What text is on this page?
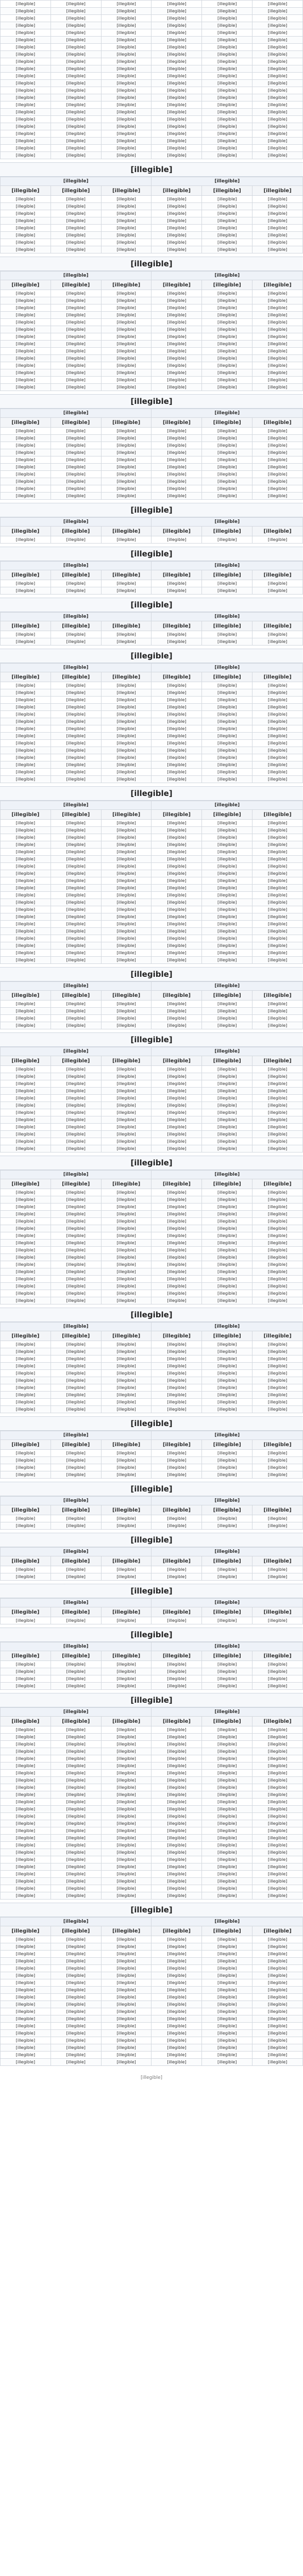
[illegible]	[illegible]	[illegible]	[illegible]	[illegible]	[illegible]
[illegible]	[illegible]	[illegible]	[illegible]	[illegible]	[illegible]
[illegible]	[illegible]	[illegible]	[illegible]	[illegible]	[illegible]
[illegible]	[illegible]	[illegible]	[illegible]	[illegible]	[illegible]
[illegible]	[illegible]	[illegible]	[illegible]	[illegible]	[illegible]
[illegible]	[illegible]	[illegible]	[illegible]	[illegible]	[illegible]
[illegible]	[illegible]	[illegible]	[illegible]	[illegible]	[illegible]
[illegible]	[illegible]	[illegible]	[illegible]	[illegible]	[illegible]
[illegible]	[illegible]	[illegible]	[illegible]	[illegible]	[illegible]
[illegible]	[illegible]	[illegible]	[illegible]	[illegible]	[illegible]
[illegible]	[illegible]	[illegible]	[illegible]	[illegible]	[illegible]
[illegible]	[illegible]	[illegible]	[illegible]	[illegible]	[illegible]
[illegible]	[illegible]	[illegible]	[illegible]	[illegible]	[illegible]
[illegible]	[illegible]	[illegible]	[illegible]	[illegible]	[illegible]
[illegible]	[illegible]	[illegible]	[illegible]	[illegible]	[illegible]
[illegible]	[illegible]	[illegible]	[illegible]	[illegible]	[illegible]
[illegible]	[illegible]	[illegible]	[illegible]	[illegible]	[illegible]
[illegible]	[illegible]	[illegible]	[illegible]	[illegible]	[illegible]
[illegible]	[illegible]	[illegible]	[illegible]	[illegible]	[illegible]
[illegible]	[illegible]	[illegible]	[illegible]	[illegible]	[illegible]
[illegible]	[illegible]	[illegible]	[illegible]	[illegible]	[illegible]
[illegible]	[illegible]	[illegible]	[illegible]	[illegible]	[illegible]
[illegible]
[illegible]			[illegible]		
[illegible]	[illegible]	[illegible]	[illegible]	[illegible]	[illegible]
[illegible]	[illegible]	[illegible]	[illegible]	[illegible]	[illegible]
[illegible]	[illegible]	[illegible]	[illegible]	[illegible]	[illegible]
[illegible]	[illegible]	[illegible]	[illegible]	[illegible]	[illegible]
[illegible]	[illegible]	[illegible]	[illegible]	[illegible]	[illegible]
[illegible]	[illegible]	[illegible]	[illegible]	[illegible]	[illegible]
[illegible]	[illegible]	[illegible]	[illegible]	[illegible]	[illegible]
[illegible]	[illegible]	[illegible]	[illegible]	[illegible]	[illegible]
[illegible]	[illegible]	[illegible]	[illegible]	[illegible]	[illegible]
[illegible]
[illegible]			[illegible]		
[illegible]	[illegible]	[illegible]	[illegible]	[illegible]	[illegible]
[illegible]	[illegible]	[illegible]	[illegible]	[illegible]	[illegible]
[illegible]	[illegible]	[illegible]	[illegible]	[illegible]	[illegible]
[illegible]	[illegible]	[illegible]	[illegible]	[illegible]	[illegible]
[illegible]	[illegible]	[illegible]	[illegible]	[illegible]	[illegible]
[illegible]	[illegible]	[illegible]	[illegible]	[illegible]	[illegible]
[illegible]	[illegible]	[illegible]	[illegible]	[illegible]	[illegible]
[illegible]	[illegible]	[illegible]	[illegible]	[illegible]	[illegible]
[illegible]	[illegible]	[illegible]	[illegible]	[illegible]	[illegible]
[illegible]	[illegible]	[illegible]	[illegible]	[illegible]	[illegible]
[illegible]	[illegible]	[illegible]	[illegible]	[illegible]	[illegible]
[illegible]	[illegible]	[illegible]	[illegible]	[illegible]	[illegible]
[illegible]	[illegible]	[illegible]	[illegible]	[illegible]	[illegible]
[illegible]	[illegible]	[illegible]	[illegible]	[illegible]	[illegible]
[illegible]	[illegible]	[illegible]	[illegible]	[illegible]	[illegible]
[illegible]
[illegible]			[illegible]		
[illegible]	[illegible]	[illegible]	[illegible]	[illegible]	[illegible]
[illegible]	[illegible]	[illegible]	[illegible]	[illegible]	[illegible]
[illegible]	[illegible]	[illegible]	[illegible]	[illegible]	[illegible]
[illegible]	[illegible]	[illegible]	[illegible]	[illegible]	[illegible]
[illegible]	[illegible]	[illegible]	[illegible]	[illegible]	[illegible]
[illegible]	[illegible]	[illegible]	[illegible]	[illegible]	[illegible]
[illegible]	[illegible]	[illegible]	[illegible]	[illegible]	[illegible]
[illegible]	[illegible]	[illegible]	[illegible]	[illegible]	[illegible]
[illegible]	[illegible]	[illegible]	[illegible]	[illegible]	[illegible]
[illegible]	[illegible]	[illegible]	[illegible]	[illegible]	[illegible]
[illegible]	[illegible]	[illegible]	[illegible]	[illegible]	[illegible]
[illegible]
[illegible]			[illegible]		
[illegible]	[illegible]	[illegible]	[illegible]	[illegible]	[illegible]
[illegible]	[illegible]	[illegible]	[illegible]	[illegible]	[illegible]
[illegible]
[illegible]			[illegible]		
[illegible]	[illegible]	[illegible]	[illegible]	[illegible]	[illegible]
[illegible]	[illegible]	[illegible]	[illegible]	[illegible]	[illegible]
[illegible]	[illegible]	[illegible]	[illegible]	[illegible]	[illegible]
[illegible]
[illegible]			[illegible]		
[illegible]	[illegible]	[illegible]	[illegible]	[illegible]	[illegible]
[illegible]	[illegible]	[illegible]	[illegible]	[illegible]	[illegible]
[illegible]	[illegible]	[illegible]	[illegible]	[illegible]	[illegible]
[illegible]
[illegible]			[illegible]		
[illegible]	[illegible]	[illegible]	[illegible]	[illegible]	[illegible]
[illegible]	[illegible]	[illegible]	[illegible]	[illegible]	[illegible]
[illegible]	[illegible]	[illegible]	[illegible]	[illegible]	[illegible]
[illegible]	[illegible]	[illegible]	[illegible]	[illegible]	[illegible]
[illegible]	[illegible]	[illegible]	[illegible]	[illegible]	[illegible]
[illegible]	[illegible]	[illegible]	[illegible]	[illegible]	[illegible]
[illegible]	[illegible]	[illegible]	[illegible]	[illegible]	[illegible]
[illegible]	[illegible]	[illegible]	[illegible]	[illegible]	[illegible]
[illegible]	[illegible]	[illegible]	[illegible]	[illegible]	[illegible]
[illegible]	[illegible]	[illegible]	[illegible]	[illegible]	[illegible]
[illegible]	[illegible]	[illegible]	[illegible]	[illegible]	[illegible]
[illegible]	[illegible]	[illegible]	[illegible]	[illegible]	[illegible]
[illegible]	[illegible]	[illegible]	[illegible]	[illegible]	[illegible]
[illegible]	[illegible]	[illegible]	[illegible]	[illegible]	[illegible]
[illegible]	[illegible]	[illegible]	[illegible]	[illegible]	[illegible]
[illegible]
[illegible]			[illegible]		
[illegible]	[illegible]	[illegible]	[illegible]	[illegible]	[illegible]
[illegible]	[illegible]	[illegible]	[illegible]	[illegible]	[illegible]
[illegible]	[illegible]	[illegible]	[illegible]	[illegible]	[illegible]
[illegible]	[illegible]	[illegible]	[illegible]	[illegible]	[illegible]
[illegible]	[illegible]	[illegible]	[illegible]	[illegible]	[illegible]
[illegible]	[illegible]	[illegible]	[illegible]	[illegible]	[illegible]
[illegible]	[illegible]	[illegible]	[illegible]	[illegible]	[illegible]
[illegible]	[illegible]	[illegible]	[illegible]	[illegible]	[illegible]
[illegible]	[illegible]	[illegible]	[illegible]	[illegible]	[illegible]
[illegible]	[illegible]	[illegible]	[illegible]	[illegible]	[illegible]
[illegible]	[illegible]	[illegible]	[illegible]	[illegible]	[illegible]
[illegible]	[illegible]	[illegible]	[illegible]	[illegible]	[illegible]
[illegible]	[illegible]	[illegible]	[illegible]	[illegible]	[illegible]
[illegible]	[illegible]	[illegible]	[illegible]	[illegible]	[illegible]
[illegible]	[illegible]	[illegible]	[illegible]	[illegible]	[illegible]
[illegible]	[illegible]	[illegible]	[illegible]	[illegible]	[illegible]
[illegible]	[illegible]	[illegible]	[illegible]	[illegible]	[illegible]
[illegible]	[illegible]	[illegible]	[illegible]	[illegible]	[illegible]
[illegible]	[illegible]	[illegible]	[illegible]	[illegible]	[illegible]
[illegible]	[illegible]	[illegible]	[illegible]	[illegible]	[illegible]
[illegible]	[illegible]	[illegible]	[illegible]	[illegible]	[illegible]
[illegible]
[illegible]			[illegible]		
[illegible]	[illegible]	[illegible]	[illegible]	[illegible]	[illegible]
[illegible]	[illegible]	[illegible]	[illegible]	[illegible]	[illegible]
[illegible]	[illegible]	[illegible]	[illegible]	[illegible]	[illegible]
[illegible]	[illegible]	[illegible]	[illegible]	[illegible]	[illegible]
[illegible]	[illegible]	[illegible]	[illegible]	[illegible]	[illegible]
[illegible]
[illegible]			[illegible]		
[illegible]	[illegible]	[illegible]	[illegible]	[illegible]	[illegible]
[illegible]	[illegible]	[illegible]	[illegible]	[illegible]	[illegible]
[illegible]	[illegible]	[illegible]	[illegible]	[illegible]	[illegible]
[illegible]	[illegible]	[illegible]	[illegible]	[illegible]	[illegible]
[illegible]	[illegible]	[illegible]	[illegible]	[illegible]	[illegible]
[illegible]	[illegible]	[illegible]	[illegible]	[illegible]	[illegible]
[illegible]	[illegible]	[illegible]	[illegible]	[illegible]	[illegible]
[illegible]	[illegible]	[illegible]	[illegible]	[illegible]	[illegible]
[illegible]	[illegible]	[illegible]	[illegible]	[illegible]	[illegible]
[illegible]	[illegible]	[illegible]	[illegible]	[illegible]	[illegible]
[illegible]	[illegible]	[illegible]	[illegible]	[illegible]	[illegible]
[illegible]	[illegible]	[illegible]	[illegible]	[illegible]	[illegible]
[illegible]	[illegible]	[illegible]	[illegible]	[illegible]	[illegible]
[illegible]
[illegible]			[illegible]		
[illegible]	[illegible]	[illegible]	[illegible]	[illegible]	[illegible]
[illegible]	[illegible]	[illegible]	[illegible]	[illegible]	[illegible]
[illegible]	[illegible]	[illegible]	[illegible]	[illegible]	[illegible]
[illegible]	[illegible]	[illegible]	[illegible]	[illegible]	[illegible]
[illegible]	[illegible]	[illegible]	[illegible]	[illegible]	[illegible]
[illegible]	[illegible]	[illegible]	[illegible]	[illegible]	[illegible]
[illegible]	[illegible]	[illegible]	[illegible]	[illegible]	[illegible]
[illegible]	[illegible]	[illegible]	[illegible]	[illegible]	[illegible]
[illegible]	[illegible]	[illegible]	[illegible]	[illegible]	[illegible]
[illegible]	[illegible]	[illegible]	[illegible]	[illegible]	[illegible]
[illegible]	[illegible]	[illegible]	[illegible]	[illegible]	[illegible]
[illegible]	[illegible]	[illegible]	[illegible]	[illegible]	[illegible]
[illegible]	[illegible]	[illegible]	[illegible]	[illegible]	[illegible]
[illegible]	[illegible]	[illegible]	[illegible]	[illegible]	[illegible]
[illegible]	[illegible]	[illegible]	[illegible]	[illegible]	[illegible]
[illegible]	[illegible]	[illegible]	[illegible]	[illegible]	[illegible]
[illegible]	[illegible]	[illegible]	[illegible]	[illegible]	[illegible]
[illegible]
[illegible]			[illegible]		
[illegible]	[illegible]	[illegible]	[illegible]	[illegible]	[illegible]
[illegible]	[illegible]	[illegible]	[illegible]	[illegible]	[illegible]
[illegible]	[illegible]	[illegible]	[illegible]	[illegible]	[illegible]
[illegible]	[illegible]	[illegible]	[illegible]	[illegible]	[illegible]
[illegible]	[illegible]	[illegible]	[illegible]	[illegible]	[illegible]
[illegible]	[illegible]	[illegible]	[illegible]	[illegible]	[illegible]
[illegible]	[illegible]	[illegible]	[illegible]	[illegible]	[illegible]
[illegible]	[illegible]	[illegible]	[illegible]	[illegible]	[illegible]
[illegible]	[illegible]	[illegible]	[illegible]	[illegible]	[illegible]
[illegible]	[illegible]	[illegible]	[illegible]	[illegible]	[illegible]
[illegible]	[illegible]	[illegible]	[illegible]	[illegible]	[illegible]
[illegible]
[illegible]			[illegible]		
[illegible]	[illegible]	[illegible]	[illegible]	[illegible]	[illegible]
[illegible]	[illegible]	[illegible]	[illegible]	[illegible]	[illegible]
[illegible]	[illegible]	[illegible]	[illegible]	[illegible]	[illegible]
[illegible]	[illegible]	[illegible]	[illegible]	[illegible]	[illegible]
[illegible]	[illegible]	[illegible]	[illegible]	[illegible]	[illegible]
[illegible]
[illegible]			[illegible]		
[illegible]	[illegible]	[illegible]	[illegible]	[illegible]	[illegible]
[illegible]	[illegible]	[illegible]	[illegible]	[illegible]	[illegible]
[illegible]	[illegible]	[illegible]	[illegible]	[illegible]	[illegible]
[illegible]
[illegible]			[illegible]		
[illegible]	[illegible]	[illegible]	[illegible]	[illegible]	[illegible]
[illegible]	[illegible]	[illegible]	[illegible]	[illegible]	[illegible]
[illegible]	[illegible]	[illegible]	[illegible]	[illegible]	[illegible]
[illegible]
[illegible]			[illegible]		
[illegible]	[illegible]	[illegible]	[illegible]	[illegible]	[illegible]
[illegible]	[illegible]	[illegible]	[illegible]	[illegible]	[illegible]
[illegible]
[illegible]			[illegible]		
[illegible]	[illegible]	[illegible]	[illegible]	[illegible]	[illegible]
[illegible]	[illegible]	[illegible]	[illegible]	[illegible]	[illegible]
[illegible]	[illegible]	[illegible]	[illegible]	[illegible]	[illegible]
[illegible]	[illegible]	[illegible]	[illegible]	[illegible]	[illegible]
[illegible]	[illegible]	[illegible]	[illegible]	[illegible]	[illegible]
[illegible]
[illegible]			[illegible]		
[illegible]	[illegible]	[illegible]	[illegible]	[illegible]	[illegible]
[illegible]	[illegible]	[illegible]	[illegible]	[illegible]	[illegible]
[illegible]	[illegible]	[illegible]	[illegible]	[illegible]	[illegible]
[illegible]	[illegible]	[illegible]	[illegible]	[illegible]	[illegible]
[illegible]	[illegible]	[illegible]	[illegible]	[illegible]	[illegible]
[illegible]	[illegible]	[illegible]	[illegible]	[illegible]	[illegible]
[illegible]	[illegible]	[illegible]	[illegible]	[illegible]	[illegible]
[illegible]	[illegible]	[illegible]	[illegible]	[illegible]	[illegible]
[illegible]	[illegible]	[illegible]	[illegible]	[illegible]	[illegible]
[illegible]	[illegible]	[illegible]	[illegible]	[illegible]	[illegible]
[illegible]	[illegible]	[illegible]	[illegible]	[illegible]	[illegible]
[illegible]	[illegible]	[illegible]	[illegible]	[illegible]	[illegible]
[illegible]	[illegible]	[illegible]	[illegible]	[illegible]	[illegible]
[illegible]	[illegible]	[illegible]	[illegible]	[illegible]	[illegible]
[illegible]	[illegible]	[illegible]	[illegible]	[illegible]	[illegible]
[illegible]	[illegible]	[illegible]	[illegible]	[illegible]	[illegible]
[illegible]	[illegible]	[illegible]	[illegible]	[illegible]	[illegible]
[illegible]	[illegible]	[illegible]	[illegible]	[illegible]	[illegible]
[illegible]	[illegible]	[illegible]	[illegible]	[illegible]	[illegible]
[illegible]	[illegible]	[illegible]	[illegible]	[illegible]	[illegible]
[illegible]	[illegible]	[illegible]	[illegible]	[illegible]	[illegible]
[illegible]	[illegible]	[illegible]	[illegible]	[illegible]	[illegible]
[illegible]	[illegible]	[illegible]	[illegible]	[illegible]	[illegible]
[illegible]	[illegible]	[illegible]	[illegible]	[illegible]	[illegible]
[illegible]	[illegible]	[illegible]	[illegible]	[illegible]	[illegible]
[illegible]
[illegible]			[illegible]		
[illegible]	[illegible]	[illegible]	[illegible]	[illegible]	[illegible]
[illegible]	[illegible]	[illegible]	[illegible]	[illegible]	[illegible]
[illegible]	[illegible]	[illegible]	[illegible]	[illegible]	[illegible]
[illegible]	[illegible]	[illegible]	[illegible]	[illegible]	[illegible]
[illegible]	[illegible]	[illegible]	[illegible]	[illegible]	[illegible]
[illegible]	[illegible]	[illegible]	[illegible]	[illegible]	[illegible]
[illegible]	[illegible]	[illegible]	[illegible]	[illegible]	[illegible]
[illegible]	[illegible]	[illegible]	[illegible]	[illegible]	[illegible]
[illegible]	[illegible]	[illegible]	[illegible]	[illegible]	[illegible]
[illegible]	[illegible]	[illegible]	[illegible]	[illegible]	[illegible]
[illegible]	[illegible]	[illegible]	[illegible]	[illegible]	[illegible]
[illegible]	[illegible]	[illegible]	[illegible]	[illegible]	[illegible]
[illegible]	[illegible]	[illegible]	[illegible]	[illegible]	[illegible]
[illegible]	[illegible]	[illegible]	[illegible]	[illegible]	[illegible]
[illegible]	[illegible]	[illegible]	[illegible]	[illegible]	[illegible]
[illegible]	[illegible]	[illegible]	[illegible]	[illegible]	[illegible]
[illegible]	[illegible]	[illegible]	[illegible]	[illegible]	[illegible]
[illegible]	[illegible]	[illegible]	[illegible]	[illegible]	[illegible]
[illegible]	[illegible]	[illegible]	[illegible]	[illegible]	[illegible]
[illegible]
